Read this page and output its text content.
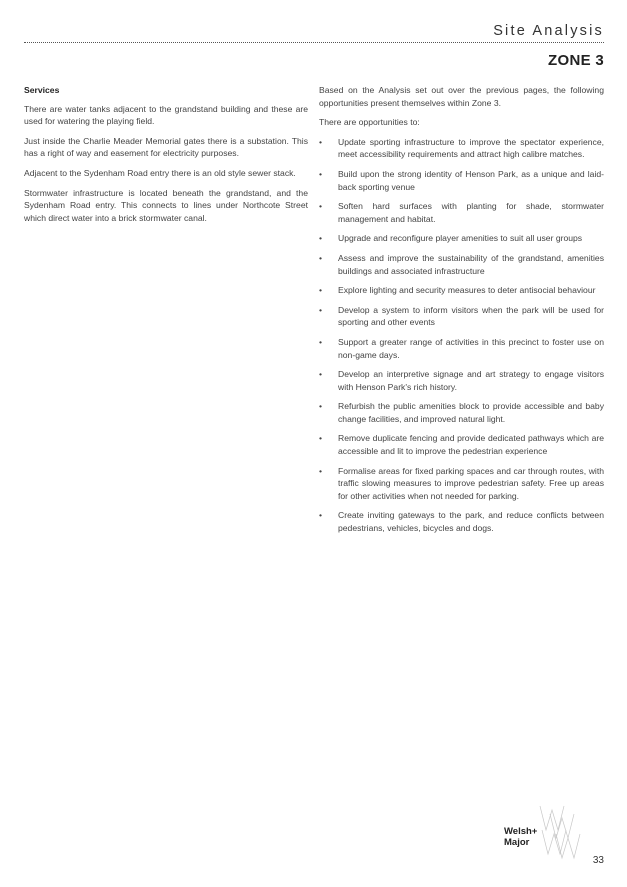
Site Analysis
ZONE 3

Services

There are water tanks adjacent to the grandstand building and these are used for watering the playing field.

Just inside the Charlie Meader Memorial gates there is a substation. This has a right of way and easement for electricity purposes.

Adjacent to the Sydenham Road entry there is an old style sewer stack.

Stormwater infrastructure is located beneath the grandstand, and the Sydenham Road entry. This connects to lines under Northcote Street which direct water into a brick stormwater canal.

Based on the Analysis set out over the previous pages, the following opportunities present themselves within Zone 3.

There are opportunities to:

• Update sporting infrastructure to improve the spectator experience, meet accessibility requirements and attract high calibre matches.
• Build upon the strong identity of Henson Park, as a unique and laid-back sporting venue
• Soften hard surfaces with planting for shade, stormwater management and habitat.
• Upgrade and reconfigure player amenities to suit all user groups
• Assess and improve the sustainability of the grandstand, amenities buildings and associated infrastructure
• Explore lighting and security measures to deter antisocial behaviour
• Develop a system to inform visitors when the park will be used for sporting and other events
• Support a greater range of activities in this precinct to foster use on non-game days.
• Develop an interpretive signage and art strategy to engage visitors with Henson Park's rich history.
• Refurbish the public amenities block to provide accessible and baby change facilities, and improved natural light.
• Remove duplicate fencing and provide dedicated pathways which are accessible and lit to improve the pedestrian experience
• Formalise areas for fixed parking spaces and car through routes, with traffic slowing measures to improve pedestrian safety. Free up areas for other activities when not needed for parking.
• Create inviting gateways to the park, and reduce conflicts between pedestrians, vehicles, bicycles and dogs.
Welsh+
Major
33
